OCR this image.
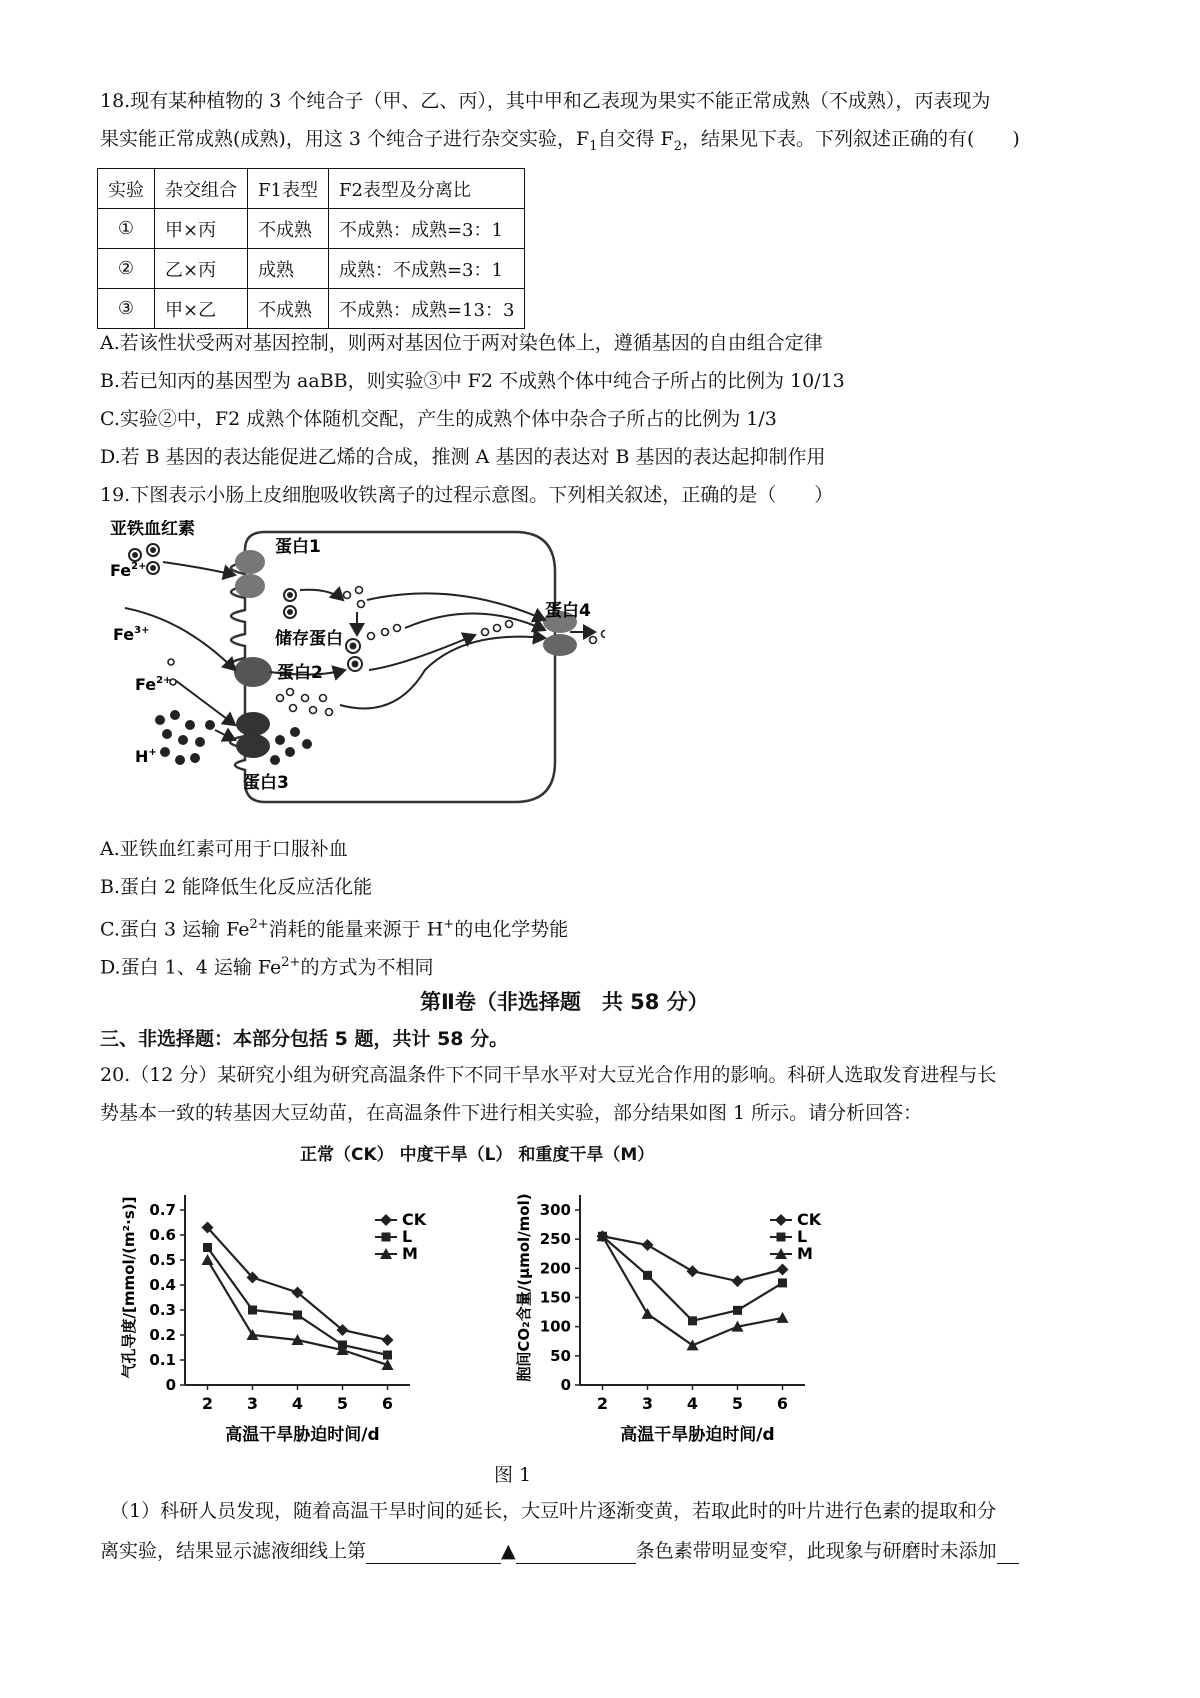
18.现有某种植物的 3 个纯合子（甲、乙、丙），其中甲和乙表现为果实不能正常成熟（不成熟），丙表现为
果实能正常成熟(成熟)，用这 3 个纯合子进行杂交实验，$F_1$自交得 $F_2$，结果见下表。下列叙述正确的有(　　)
实验	杂交组合	F1表型	F2表型及分离比
①	甲×丙	不成熟	不成熟：成熟=3：1
②	乙×丙	成熟	成熟：不成熟=3：1
③	甲×乙	不成熟	不成熟：成熟=13：3
A.若该性状受两对基因控制，则两对基因位于两对染色体上，遵循基因的自由组合定律
B.若已知丙的基因型为 aaBB，则实验③中 F2 不成熟个体中纯合子所占的比例为 10/13
C.实验②中，F2 成熟个体随机交配，产生的成熟个体中杂合子所占的比例为 1/3
D.若 B 基因的表达能促进乙烯的合成，推测 A 基因的表达对 B 基因的表达起抑制作用
19.下图表示小肠上皮细胞吸收铁离子的过程示意图。下列相关叙述，正确的是（　　）
亚铁血红素
$Fe^{2+}$
蛋白1
$Fe^{3+}$	储存蛋白
蛋白2
$Fe^{2+}$
H+
蛋白3
蛋白4
A.亚铁血红素可用于口服补血
B.蛋白 2 能降低生化反应活化能
C.蛋白 3 运输 $Fe^{2+}$消耗的能量来源于 H+的电化学势能
D.蛋白 1、4 运输 $Fe^{2+}$的方式为不相同
第Ⅱ卷（非选择题　共 58 分）
三、非选择题：本部分包括 5 题，共计 58 分。
20.（12 分）某研究小组为研究高温条件下不同干旱水平对大豆光合作用的影响。科研人选取发育进程与长
势基本一致的转基因大豆幼苗，在高温条件下进行相关实验，部分结果如图 1 所示。请分析回答：
正常（CK） 中度干旱（L） 和重度干旱（M）
0
0.1
0.2
0.3
0.4
0.5
0.6
0.7
2 3 4 5 6
高温干旱胁迫时间/d
气孔导度/[mmol/(m²·s)]	CK
L
M
0
50
100
150
200
250
300
2 3 4 5 6
高温干旱胁迫时间/d
胞间CO₂含量/(μmol/mol)	CK
L
M
图 1
（1）科研人员发现，随着高温干旱时间的延长，大豆叶片逐渐变黄，若取此时的叶片进行色素的提取和分
离实验，结果显示滤液细线上第	▲	条色素带明显变窄，此现象与研磨时未添加
